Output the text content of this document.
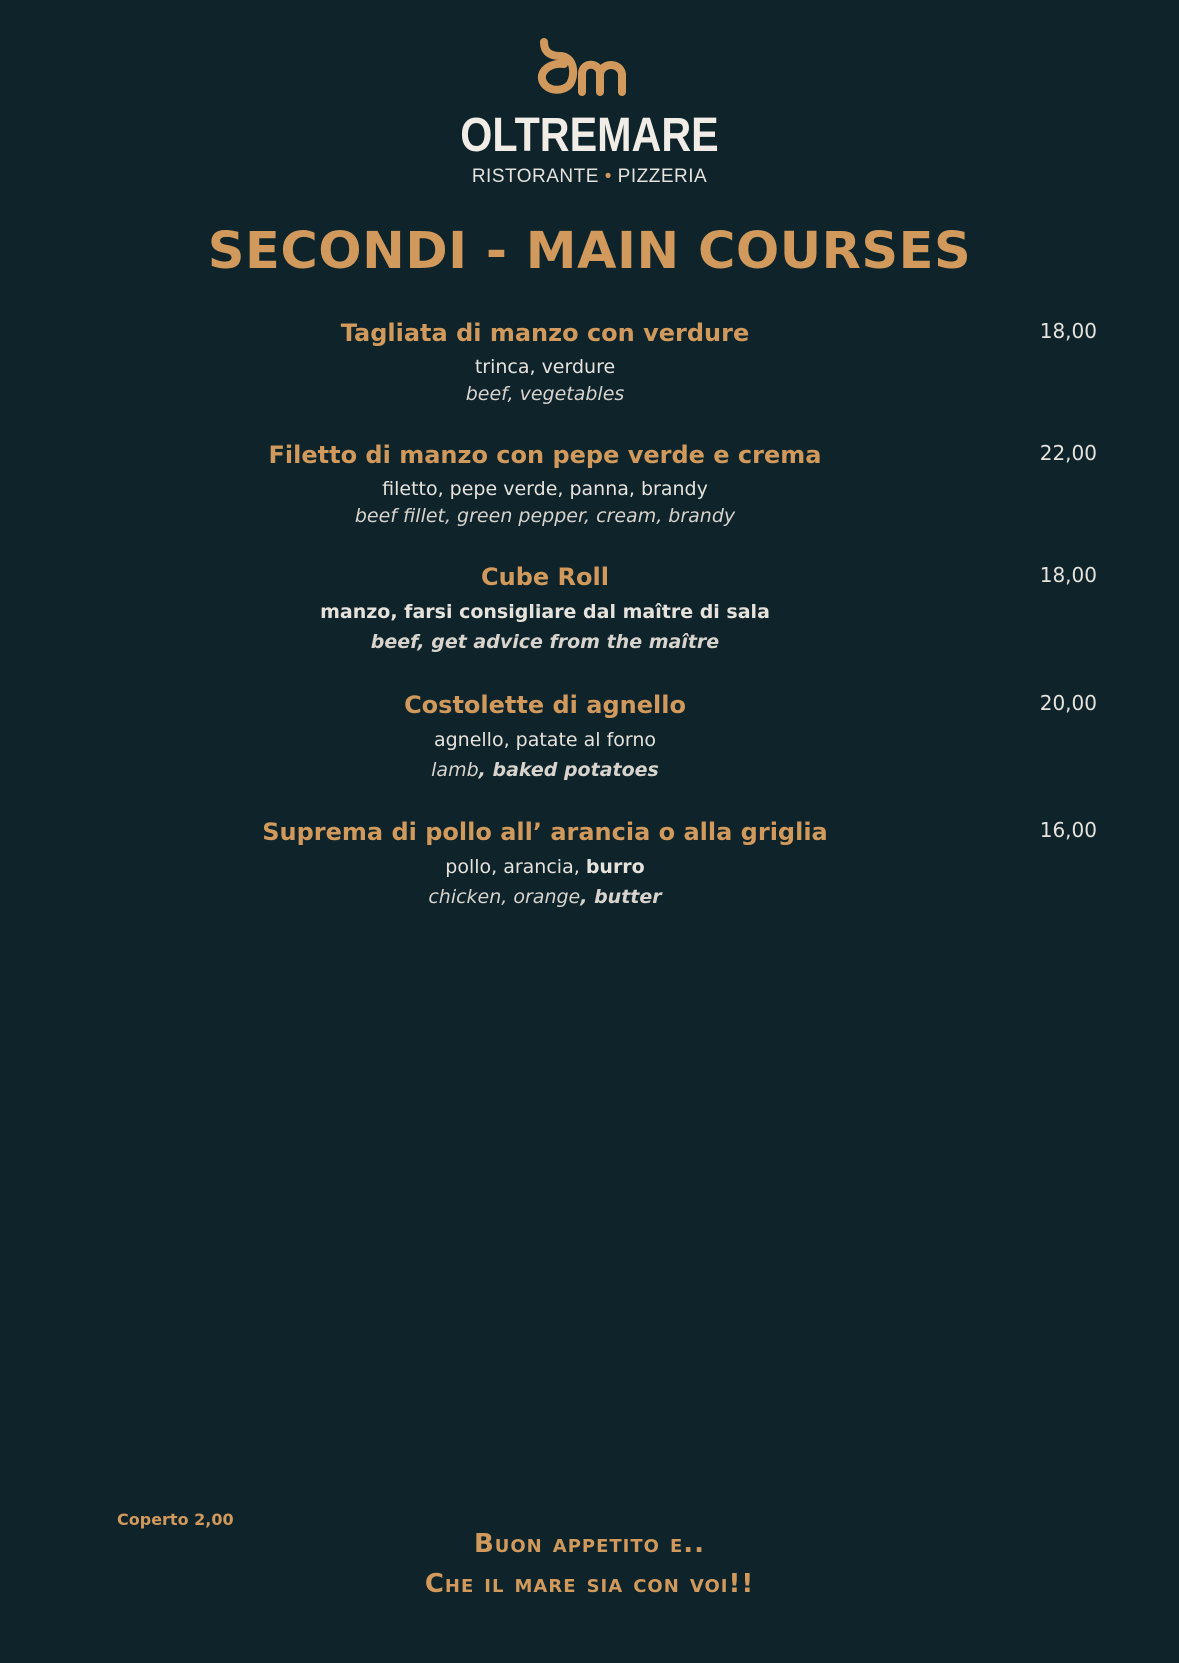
OLTREMARE
RISTORANTE • PIZZERIA
SECONDI - MAIN COURSES
Tagliata di manzo con verdure	18,00
trinca, verdure
beef, vegetables
Filetto di manzo con pepe verde e crema	22,00
filetto, pepe verde, panna, brandy
beef fillet, green pepper, cream, brandy
Cube Roll	18,00
manzo, farsi consigliare dal maître di sala
beef, get advice from the maître
Costolette di agnello	20,00
agnello, patate al forno
lamb, baked potatoes
Suprema di pollo all’ arancia o alla griglia	16,00
pollo, arancia, burro
chicken, orange, butter
Coperto 2,00
Buon appetito e..
Che il mare sia con voi!!
